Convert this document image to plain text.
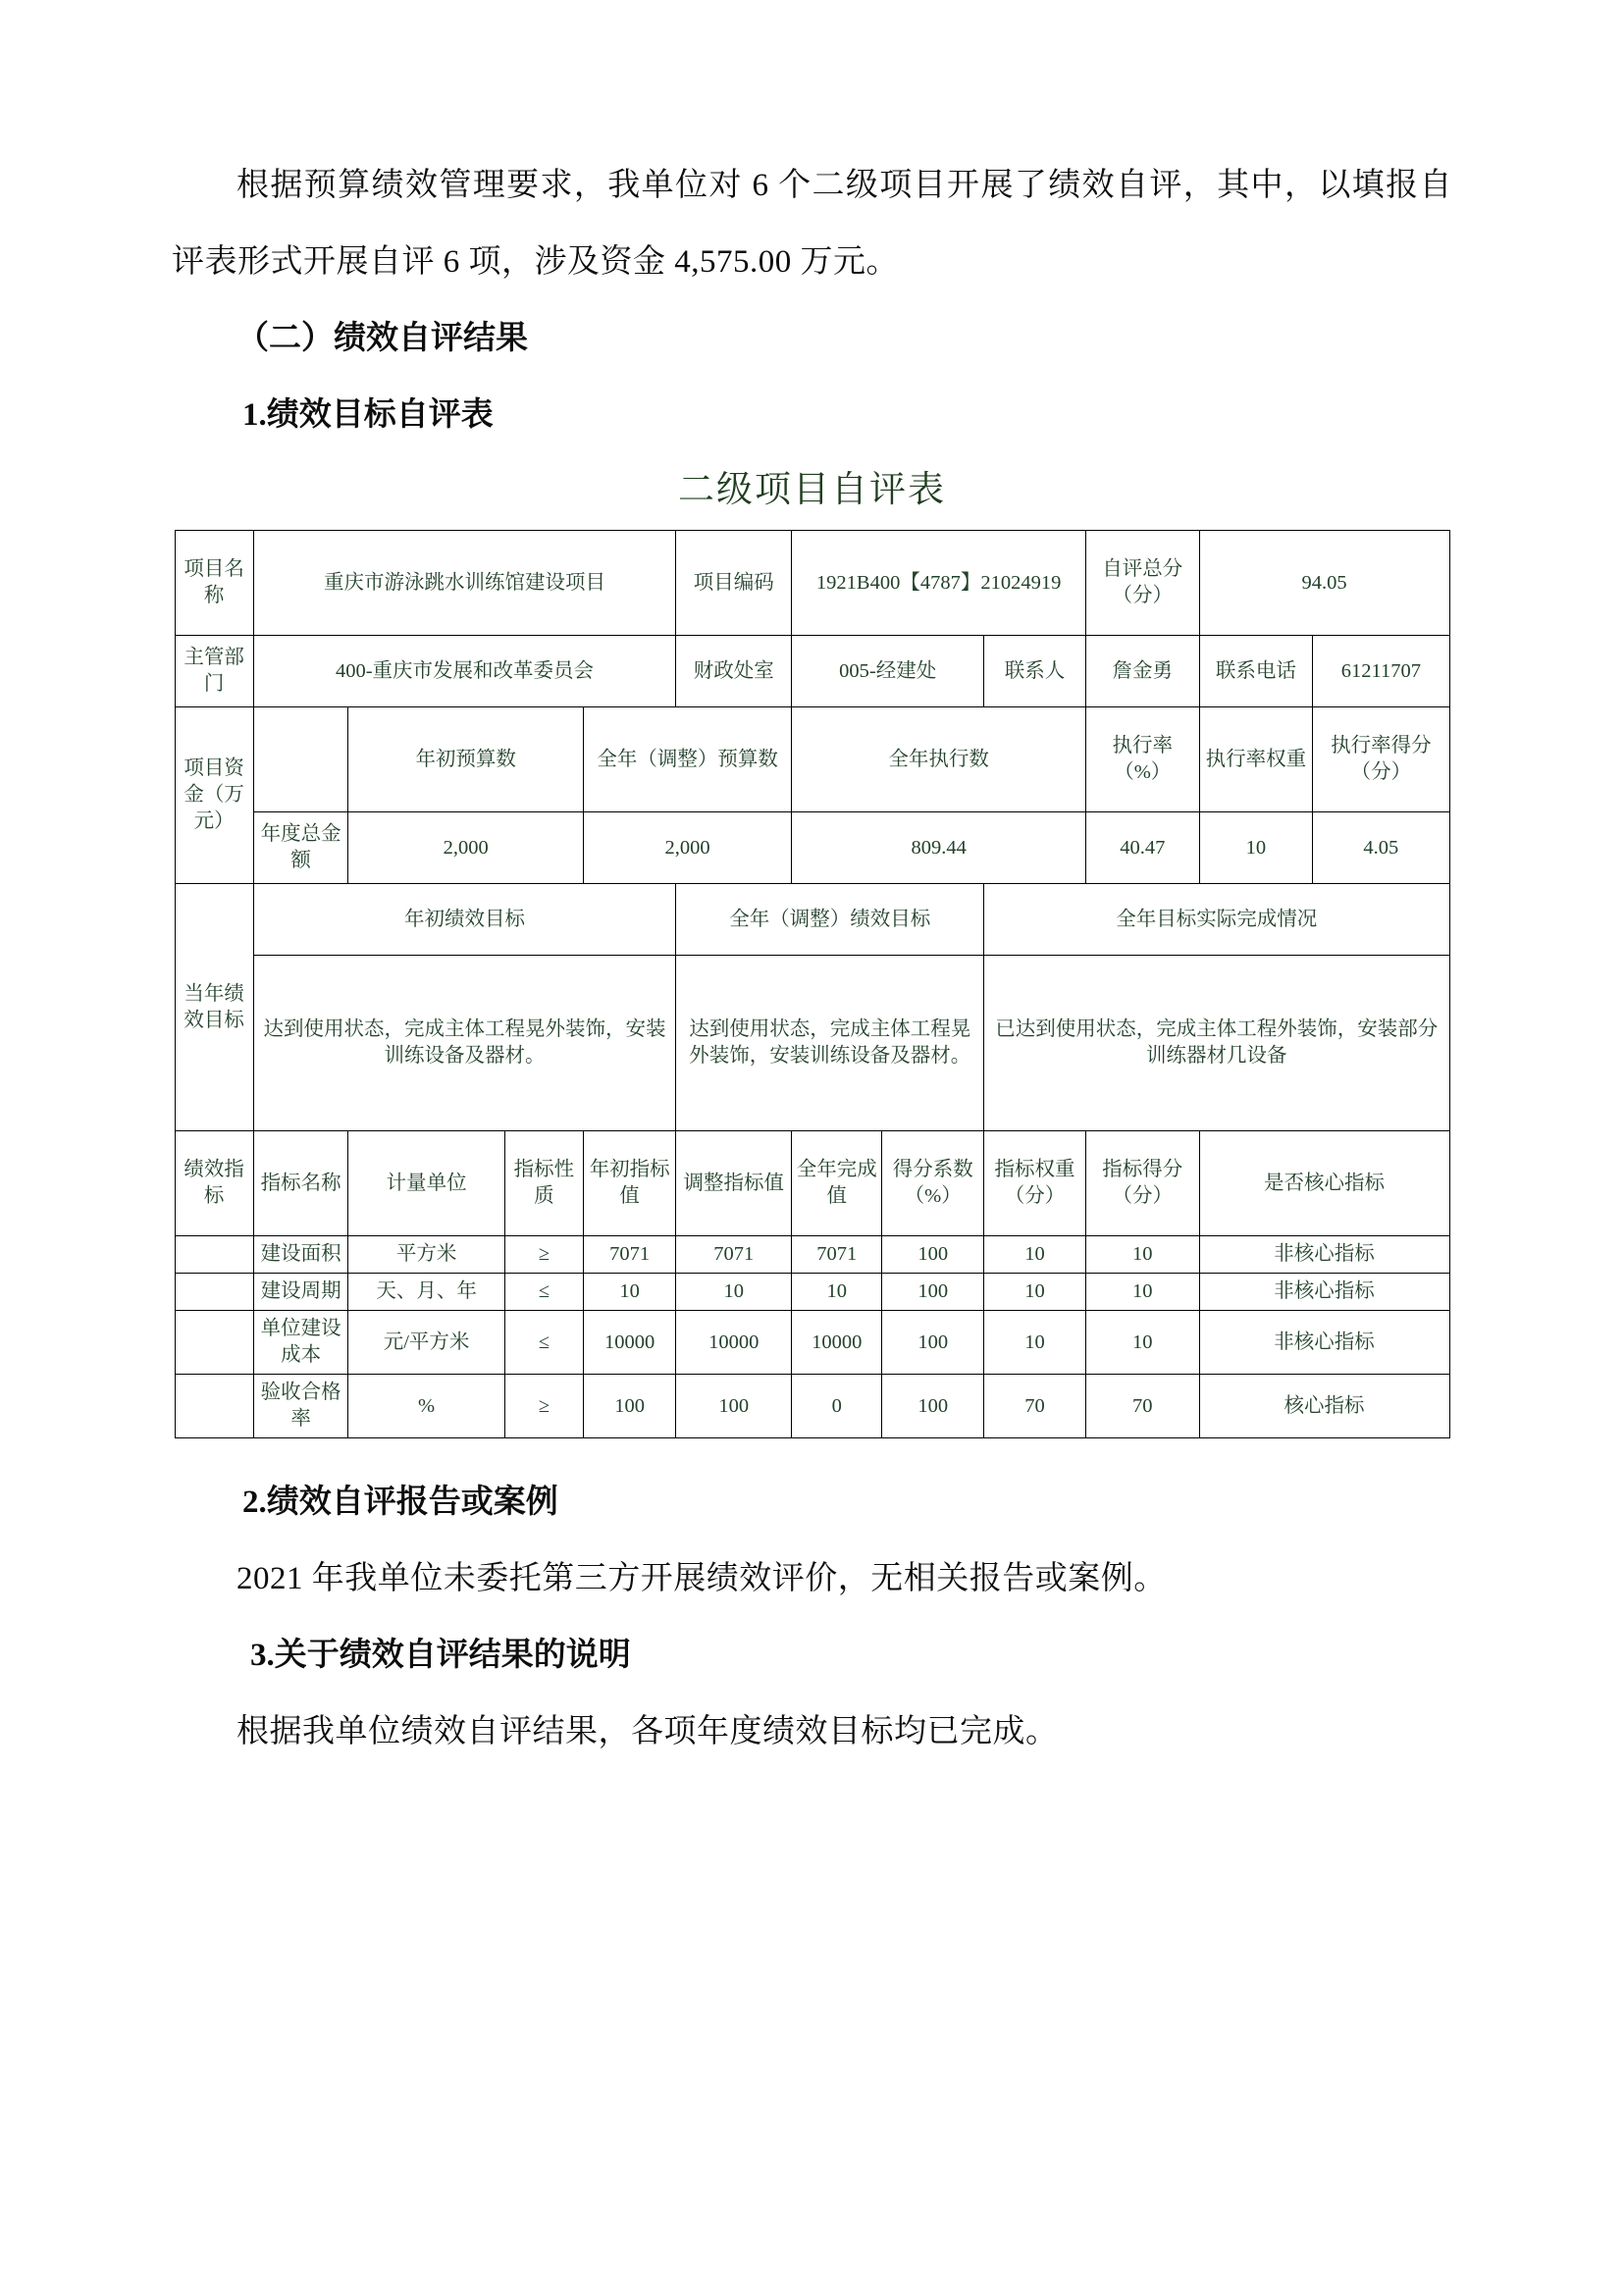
根据预算绩效管理要求，我单位对 6 个二级项目开展了绩效自评，其中，以填报自评表形式开展自评 6 项，涉及资金 4,575.00 万元。

（二）绩效自评结果

1.绩效目标自评表

二级项目自评表
项目名称	重庆市游泳跳水训练馆建设项目				项目编码	1921B400【4787】21024919			自评总分（分）	94.05	
主管部门	400-重庆市发展和改革委员会				财政处室	005-经建处		联系人	詹金勇	联系电话	61211707
项目资金（万元）		年初预算数		全年（调整）预算数		全年执行数			执行率（%）	执行率权重	执行率得分（分）
	年度总金额	2,000		2,000		809.44			40.47	10	4.05
当年绩效目标	年初绩效目标				全年（调整）绩效目标			全年目标实际完成情况			
	达到使用状态，完成主体工程晃外装饰，安装训练设备及器材。				达到使用状态，完成主体工程晃外装饰，安装训练设备及器材。			已达到使用状态，完成主体工程外装饰，安装部分训练器材几设备			
绩效指标	指标名称	计量单位	指标性质	年初指标值	调整指标值	全年完成值	得分系数（%）	指标权重（分）	指标得分（分）	是否核心指标	
	建设面积	平方米	≥	7071	7071	7071	100	10	10	非核心指标	
	建设周期	天、月、年	≤	10	10	10	100	10	10	非核心指标	
	单位建设成本	元/平方米	≤	10000	10000	10000	100	10	10	非核心指标	
	验收合格率	%	≥	100	100	0	100	70	70	核心指标	

2.绩效自评报告或案例

2021 年我单位未委托第三方开展绩效评价，无相关报告或案例。

3.关于绩效自评结果的说明

根据我单位绩效自评结果，各项年度绩效目标均已完成。
